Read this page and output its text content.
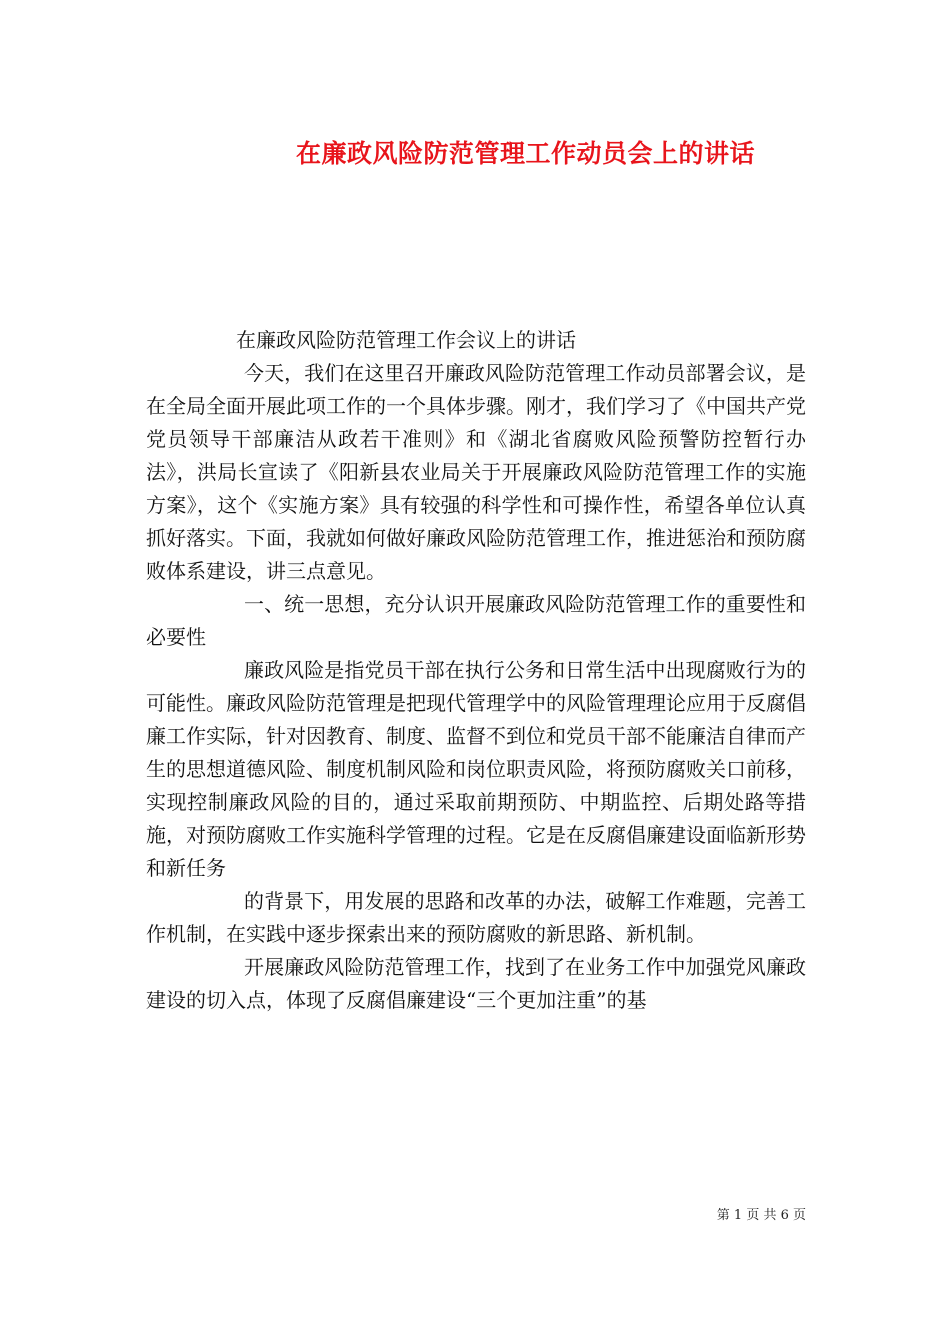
在廉政风险防范管理工作动员会上的讲话

在廉政风险防范管理工作会议上的讲话

今天，我们在这里召开廉政风险防范管理工作动员部署会议，是在全局全面开展此项工作的一个具体步骤。刚才，我们学习了《中国共产党党员领导干部廉洁从政若干准则》和《湖北省腐败风险预警防控暂行办法》，洪局长宣读了《阳新县农业局关于开展廉政风险防范管理工作的实施方案》，这个《实施方案》具有较强的科学性和可操作性，希望各单位认真抓好落实。下面，我就如何做好廉政风险防范管理工作，推进惩治和预防腐败体系建设，讲三点意见。

一、统一思想，充分认识开展廉政风险防范管理工作的重要性和必要性

廉政风险是指党员干部在执行公务和日常生活中出现腐败行为的可能性。廉政风险防范管理是把现代管理学中的风险管理理论应用于反腐倡廉工作实际，针对因教育、制度、监督不到位和党员干部不能廉洁自律而产生的思想道德风险、制度机制风险和岗位职责风险，将预防腐败关口前移，实现控制廉政风险的目的，通过采取前期预防、中期监控、后期处路等措施，对预防腐败工作实施科学管理的过程。它是在反腐倡廉建设面临新形势和新任务

的背景下，用发展的思路和改革的办法，破解工作难题，完善工作机制，在实践中逐步探索出来的预防腐败的新思路、新机制。

开展廉政风险防范管理工作，找到了在业务工作中加强党风廉政建设的切入点，体现了反腐倡廉建设“三个更加注重”的基

第 1 页 共 6 页
